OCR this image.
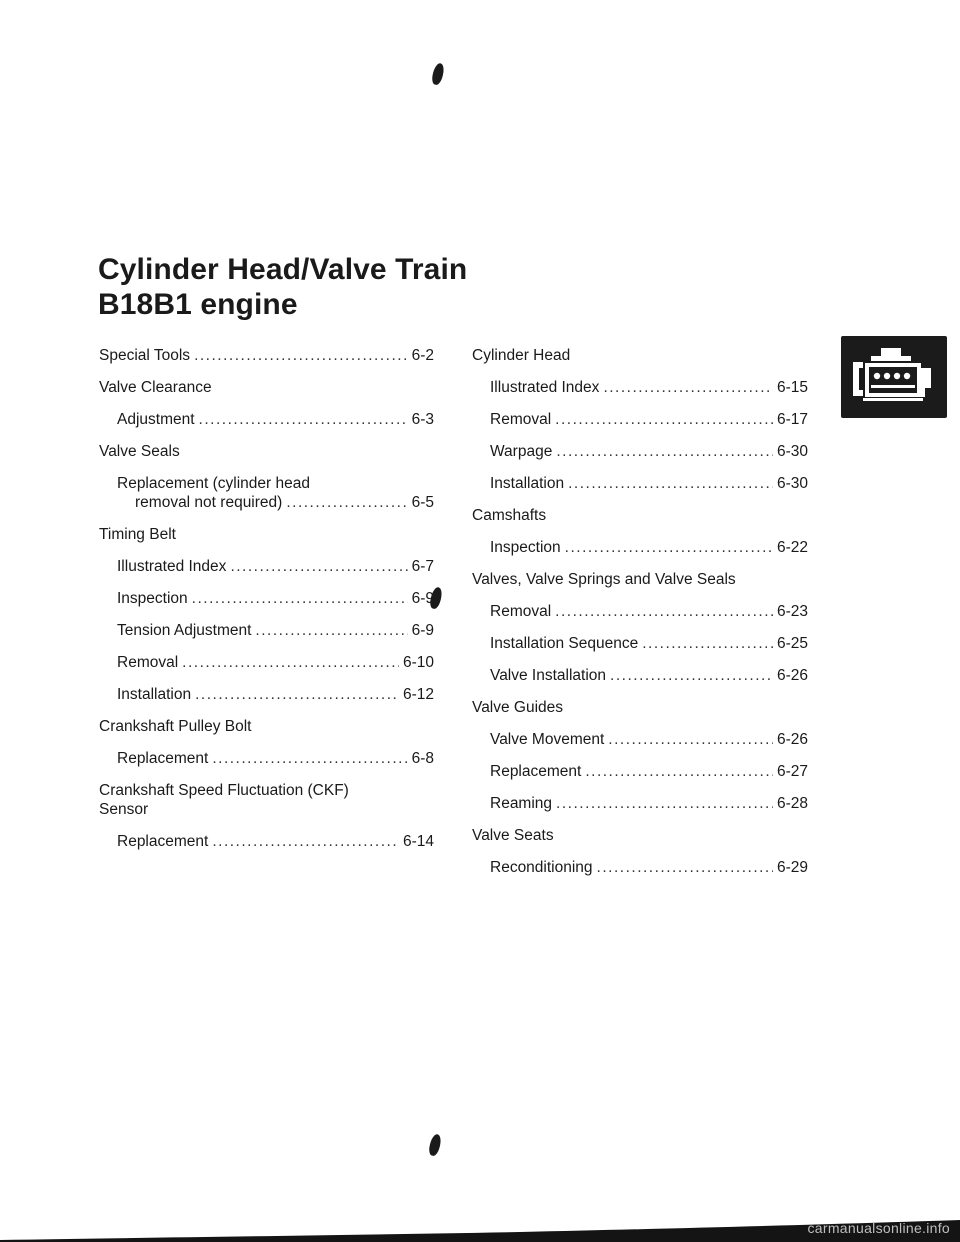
Cylinder Head/Valve Train
B18B1 engine
Special Tools .....	6-2
Valve Clearance
Adjustment .....	6-3
Valve Seals
Replacement (cylinder head
removal not required) .....	6-5
Timing Belt
Illustrated Index .....	6-7
Inspection .....	6-9
Tension Adjustment .....	6-9
Removal .....	6-10
Installation .....	6-12
Crankshaft Pulley Bolt
Replacement .....	6-8
Crankshaft Speed Fluctuation (CKF)
Sensor
Replacement .....	6-14
Cylinder Head
Illustrated Index .....	6-15
Removal .....	6-17
Warpage .....	6-30
Installation .....	6-30
Camshafts
Inspection .....	6-22
Valves, Valve Springs and Valve Seals
Removal .....	6-23
Installation Sequence .....	6-25
Valve Installation .....	6-26
Valve Guides
Valve Movement .....	6-26
Replacement .....	6-27
Reaming .....	6-28
Valve Seats
Reconditioning .....	6-29
carmanualsonline.info
